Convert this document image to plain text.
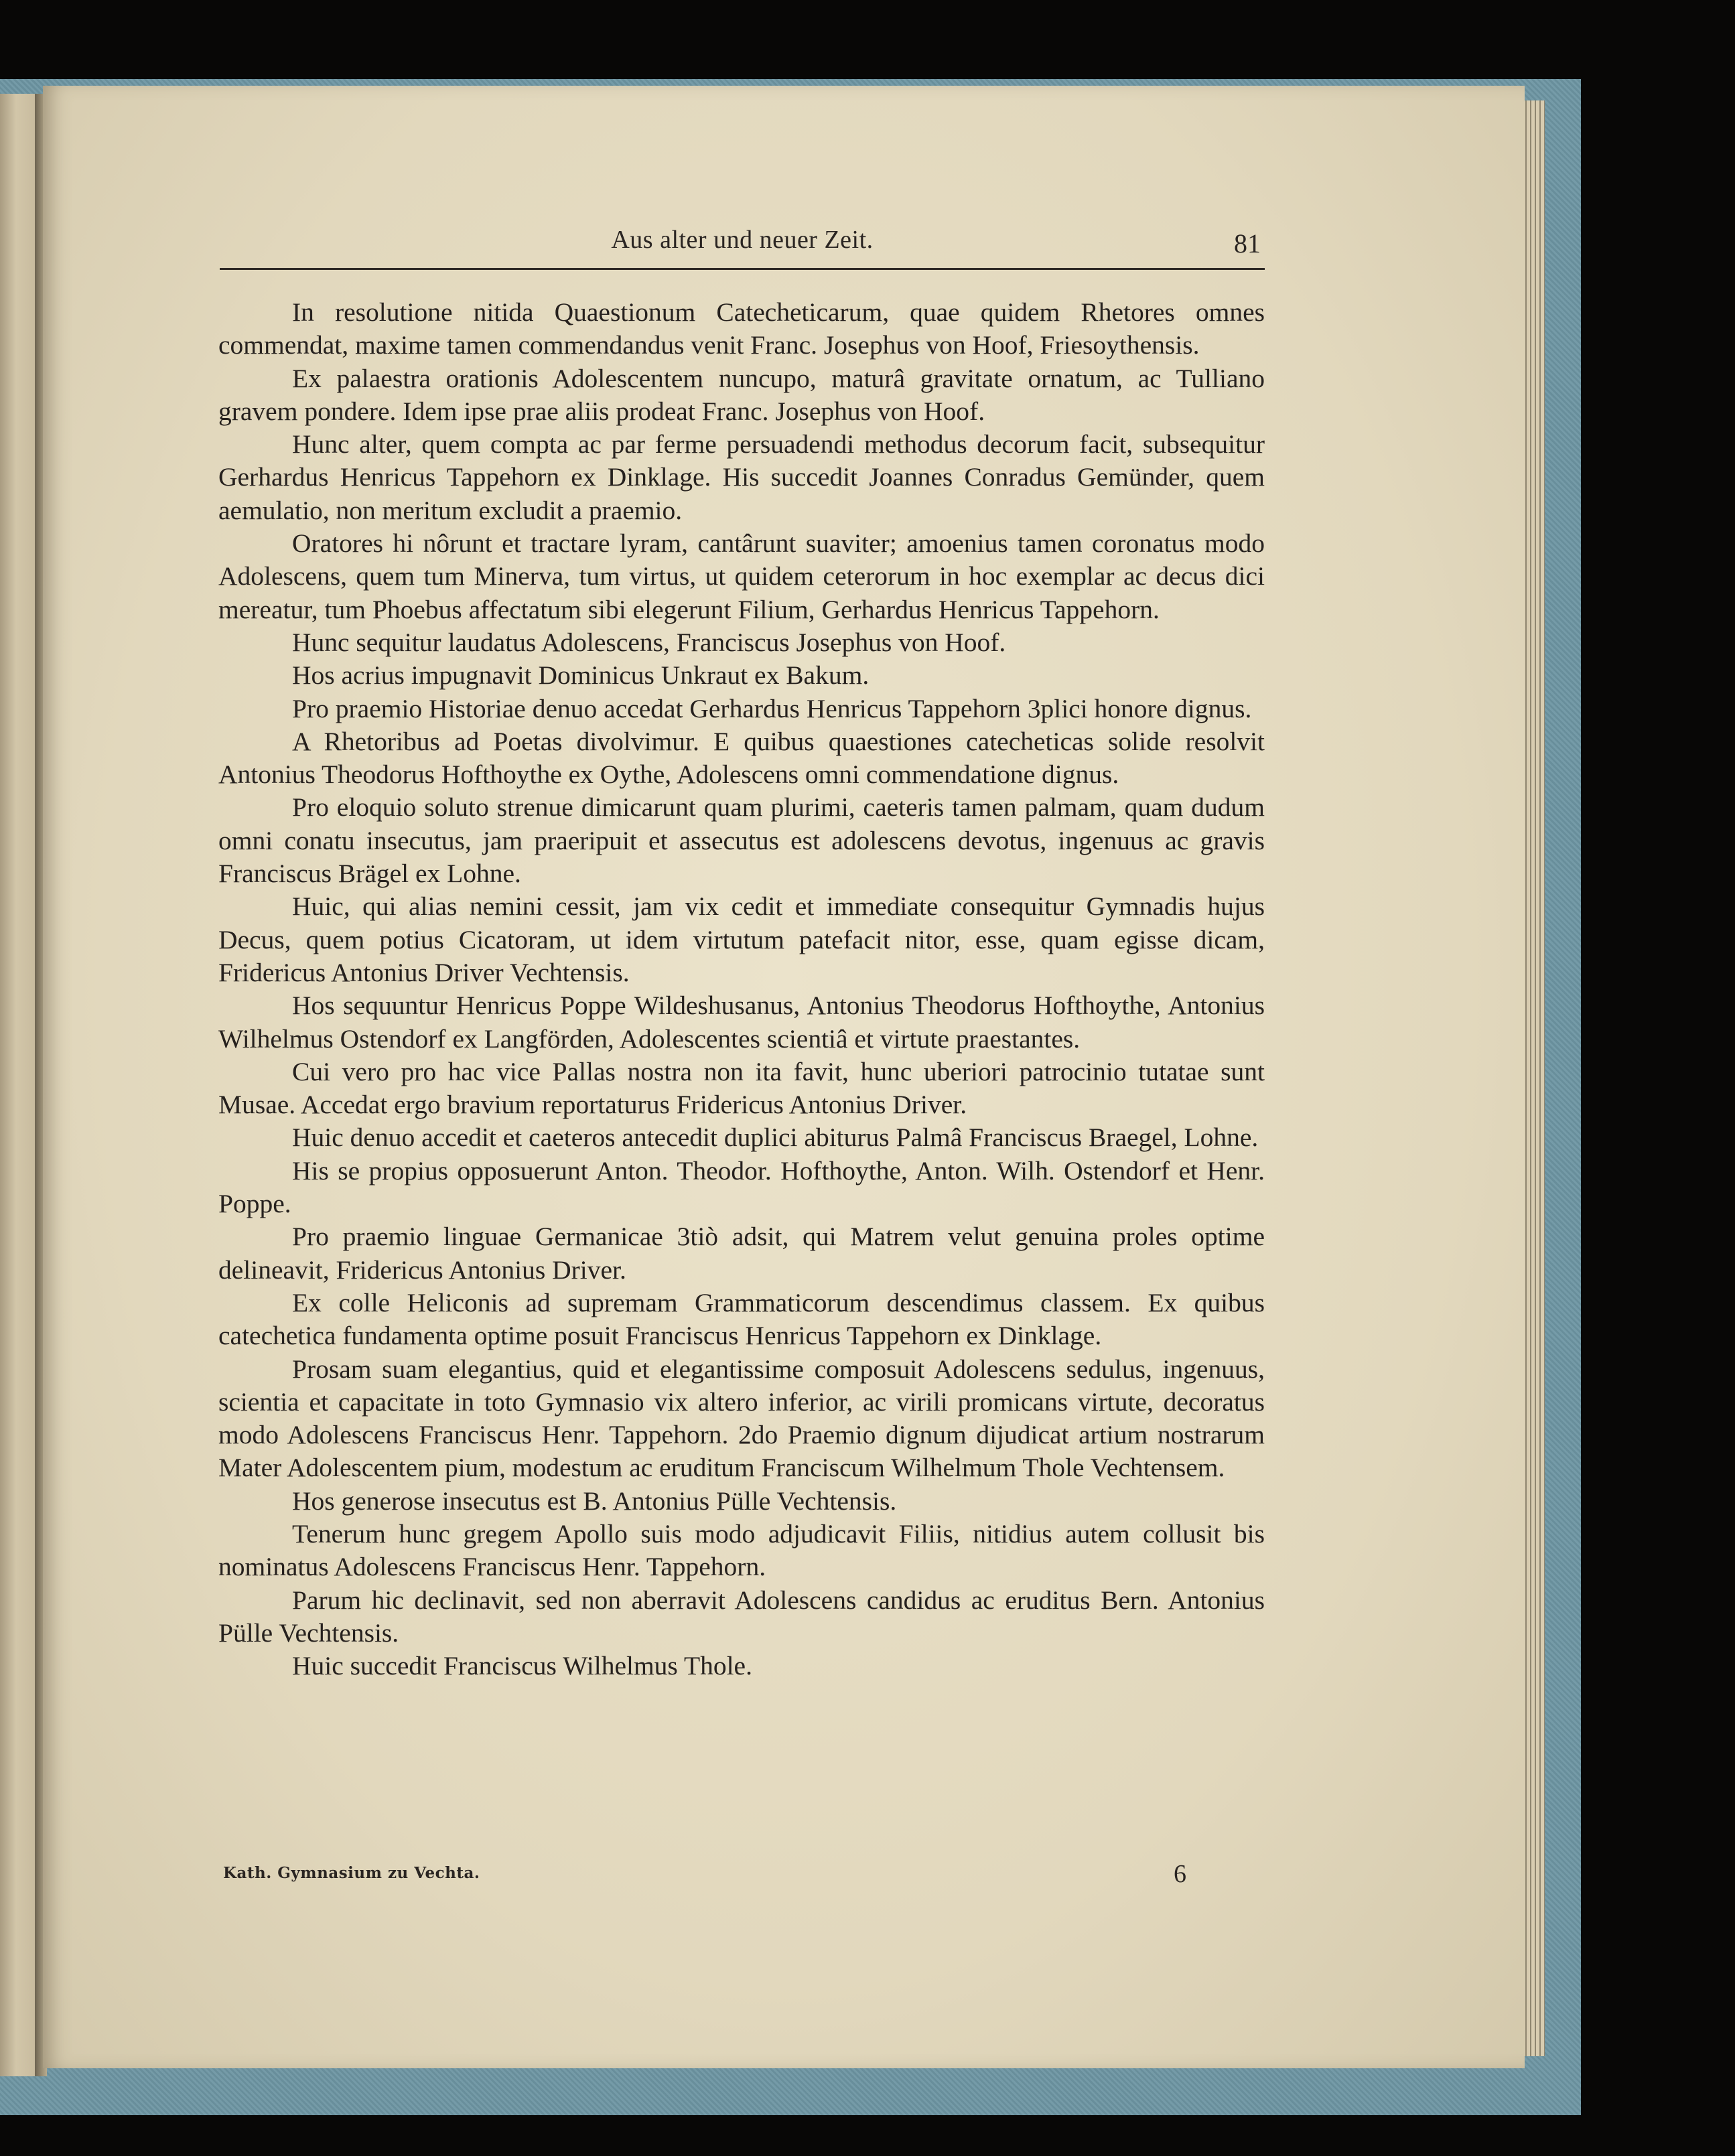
Aus alter und neuer Zeit.	81

In resolutione nitida Quaestionum Catecheticarum, quae quidem Rhetores omnes commendat, maxime tamen commendandus venit Franc. Josephus von Hoof, Friesoythensis.

Ex palaestra orationis Adolescentem nuncupo, maturâ gravitate ornatum, ac Tulliano gravem pondere. Idem ipse prae aliis prodeat Franc. Josephus von Hoof.

Hunc alter, quem compta ac par ferme persuadendi methodus decorum facit, subsequitur Gerhardus Henricus Tappehorn ex Dinklage. His succedit Joannes Conradus Gemünder, quem aemulatio, non meritum excludit a praemio.

Oratores hi nôrunt et tractare lyram, cantârunt suaviter; amoenius tamen coronatus modo Adolescens, quem tum Minerva, tum virtus, ut quidem ceterorum in hoc exemplar ac decus dici mereatur, tum Phoebus affectatum sibi elegerunt Filium, Gerhardus Henricus Tappehorn.

Hunc sequitur laudatus Adolescens, Franciscus Josephus von Hoof.

Hos acrius impugnavit Dominicus Unkraut ex Bakum.

Pro praemio Historiae denuo accedat Gerhardus Henricus Tappehorn 3plici honore dignus.

A Rhetoribus ad Poetas divolvimur. E quibus quaestiones catecheticas solide resolvit Antonius Theodorus Hofthoythe ex Oythe, Adolescens omni commendatione dignus.

Pro eloquio soluto strenue dimicarunt quam plurimi, caeteris tamen palmam, quam dudum omni conatu insecutus, jam praeripuit et assecutus est adolescens devotus, ingenuus ac gravis Franciscus Brägel ex Lohne.

Huic, qui alias nemini cessit, jam vix cedit et immediate consequitur Gymnadis hujus Decus, quem potius Cicatoram, ut idem virtutum patefacit nitor, esse, quam egisse dicam, Fridericus Antonius Driver Vechtensis.

Hos sequuntur Henricus Poppe Wildeshusanus, Antonius Theodorus Hofthoythe, Antonius Wilhelmus Ostendorf ex Langförden, Adolescentes scientiâ et virtute praestantes.

Cui vero pro hac vice Pallas nostra non ita favit, hunc uberiori patrocinio tutatae sunt Musae. Accedat ergo bravium reportaturus Fridericus Antonius Driver.

Huic denuo accedit et caeteros antecedit duplici abiturus Palmâ Franciscus Braegel, Lohne.

His se propius opposuerunt Anton. Theodor. Hofthoythe, Anton. Wilh. Ostendorf et Henr. Poppe.

Pro praemio linguae Germanicae 3tiò adsit, qui Matrem velut genuina proles optime delineavit, Fridericus Antonius Driver.

Ex colle Heliconis ad supremam Grammaticorum descendimus classem. Ex quibus catechetica fundamenta optime posuit Franciscus Henricus Tappehorn ex Dinklage.

Prosam suam elegantius, quid et elegantissime composuit Adolescens sedulus, ingenuus, scientia et capacitate in toto Gymnasio vix altero inferior, ac virili promicans virtute, decoratus modo Adolescens Franciscus Henr. Tappehorn. 2do Praemio dignum dijudicat artium nostrarum Mater Adolescentem pium, modestum ac eruditum Franciscum Wilhelmum Thole Vechtensem.

Hos generose insecutus est B. Antonius Pülle Vechtensis.

Tenerum hunc gregem Apollo suis modo adjudicavit Filiis, nitidius autem collusit bis nominatus Adolescens Franciscus Henr. Tappehorn.

Parum hic declinavit, sed non aberravit Adolescens candidus ac eruditus Bern. Antonius Pülle Vechtensis.

Huic succedit Franciscus Wilhelmus Thole.

Kath. Gymnasium zu Vechta.	6
